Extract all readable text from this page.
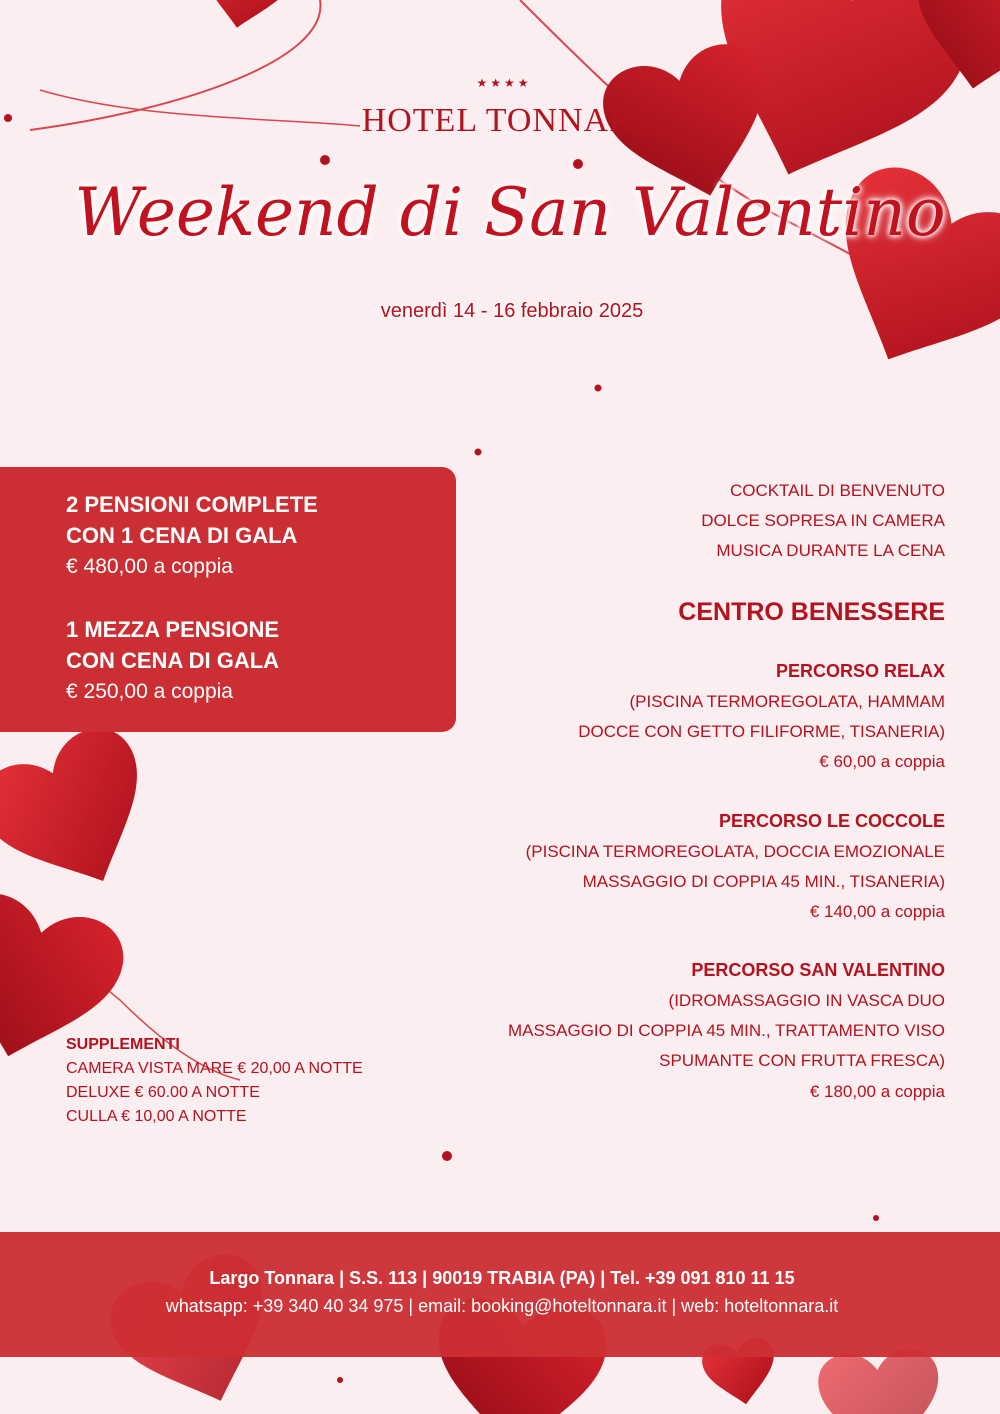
★★★★
HOTEL TONNARA
Weekend di San Valentino
venerdì 14 - 16 febbraio 2025
2 PENSIONI COMPLETE
CON 1 CENA DI GALA
€ 480,00 a coppia
1 MEZZA PENSIONE
CON CENA DI GALA
€ 250,00 a coppia
COCKTAIL DI BENVENUTO
DOLCE SOPRESA IN CAMERA
MUSICA DURANTE LA CENA
CENTRO BENESSERE
PERCORSO RELAX
(PISCINA TERMOREGOLATA, HAMMAM
DOCCE CON GETTO FILIFORME, TISANERIA)
€ 60,00 a coppia
PERCORSO LE COCCOLE
(PISCINA TERMOREGOLATA, DOCCIA EMOZIONALE
MASSAGGIO DI COPPIA 45 MIN., TISANERIA)
€ 140,00 a coppia
PERCORSO SAN VALENTINO
(IDROMASSAGGIO IN VASCA DUO
MASSAGGIO DI COPPIA 45 MIN., TRATTAMENTO VISO
SPUMANTE CON FRUTTA FRESCA)
€ 180,00 a coppia
SUPPLEMENTI
CAMERA VISTA MARE € 20,00 A NOTTE
DELUXE € 60.00 A NOTTE
CULLA € 10,00 A NOTTE
Largo Tonnara | S.S. 113 | 90019 TRABIA (PA) | Tel. +39 091 810 11 15
whatsapp: +39 340 40 34 975 | email: booking@hoteltonnara.it | web: hoteltonnara.it
